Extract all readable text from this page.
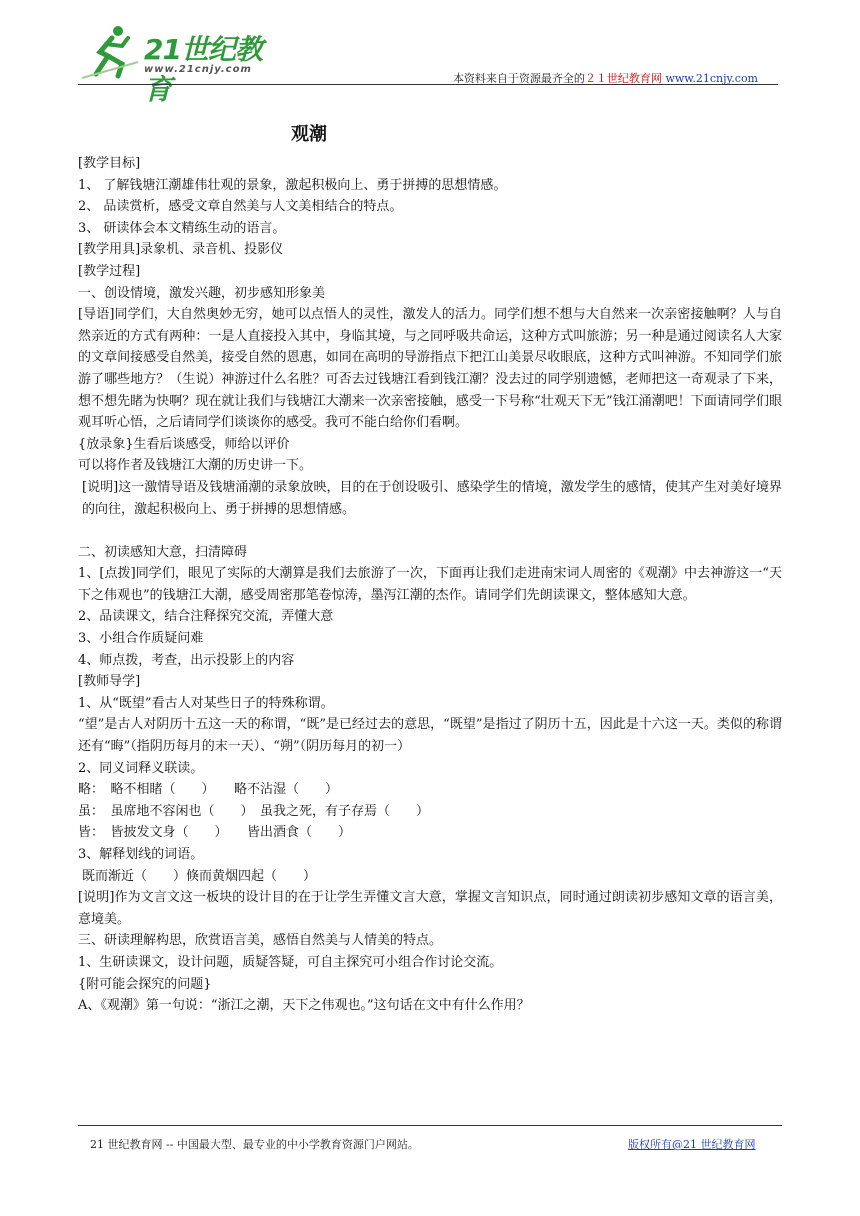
21世纪教育
www.21cnjy.com
本资料来自于资源最齐全的２１世纪教育网 www.21cnjy.com
观潮

[教学目标]

1、 了解钱塘江潮雄伟壮观的景象，激起积极向上、勇于拼搏的思想情感。

2、 品读赏析，感受文章自然美与人文美相结合的特点。

3、 研读体会本文精练生动的语言。

[教学用具]录象机、录音机、投影仪

[教学过程]

一、创设情境，激发兴趣，初步感知形象美

[导语]同学们，大自然奥妙无穷，她可以点悟人的灵性，激发人的活力。同学们想不想与大自然来一次亲密接触啊？人与自然亲近的方式有两种：一是人直接投入其中，身临其境，与之同呼吸共命运，这种方式叫旅游；另一种是通过阅读名人大家的文章间接感受自然美，接受自然的恩惠，如同在高明的导游指点下把江山美景尽收眼底，这种方式叫神游。不知同学们旅游了哪些地方？（生说）神游过什么名胜？可否去过钱塘江看到钱江潮？没去过的同学别遗憾，老师把这一奇观录了下来，想不想先睹为快啊？现在就让我们与钱塘江大潮来一次亲密接触，感受一下号称“壮观天下无”钱江涌潮吧！下面请同学们眼观耳听心悟，之后请同学们谈谈你的感受。我可不能白给你们看啊。

{放录象}生看后谈感受，师给以评价

可以将作者及钱塘江大潮的历史讲一下。

[说明]这一激情导语及钱塘涌潮的录象放映，目的在于创设吸引、感染学生的情境，激发学生的感情，使其产生对美好境界的向往，激起积极向上、勇于拼搏的思想情感。

二、初读感知大意，扫清障碍

1、[点拨]同学们，眼见了实际的大潮算是我们去旅游了一次，下面再让我们走进南宋词人周密的《观潮》中去神游这一“天下之伟观也”的钱塘江大潮，感受周密那笔卷惊涛，墨泻江潮的杰作。请同学们先朗读课文，整体感知大意。

2、品读课文，结合注释探究交流，弄懂大意

3、小组合作质疑问难

4、师点拨，考查，出示投影上的内容

[教师导学]

1、从“既望”看古人对某些日子的特殊称谓。

“望”是古人对阴历十五这一天的称谓，“既”是已经过去的意思，“既望”是指过了阴历十五，因此是十六这一天。类似的称谓还有“晦”（指阴历每月的末一天）、“朔”（阴历每月的初一）

2、同义词释义联读。

略：　略不相睹（　　）　　略不沾湿（　　）

虽：　虽席地不容闲也（　　）　虽我之死，有子存焉（　　）

皆：　皆披发文身（　　）　　皆出酒食（　　）

3、解释划线的词语。

既而渐近（　　）倏而黄烟四起（　　）

[说明]作为文言文这一板块的设计目的在于让学生弄懂文言大意，掌握文言知识点，同时通过朗读初步感知文章的语言美，意境美。

三、研读理解构思，欣赏语言美，感悟自然美与人情美的特点。

1、生研读课文，设计问题，质疑答疑，可自主探究可小组合作讨论交流。

{附可能会探究的问题}

A、《观潮》第一句说：“浙江之潮，天下之伟观也。”这句话在文中有什么作用？

21 世纪教育网 -- 中国最大型、最专业的中小学教育资源门户网站。	版权所有@21 世纪教育网
